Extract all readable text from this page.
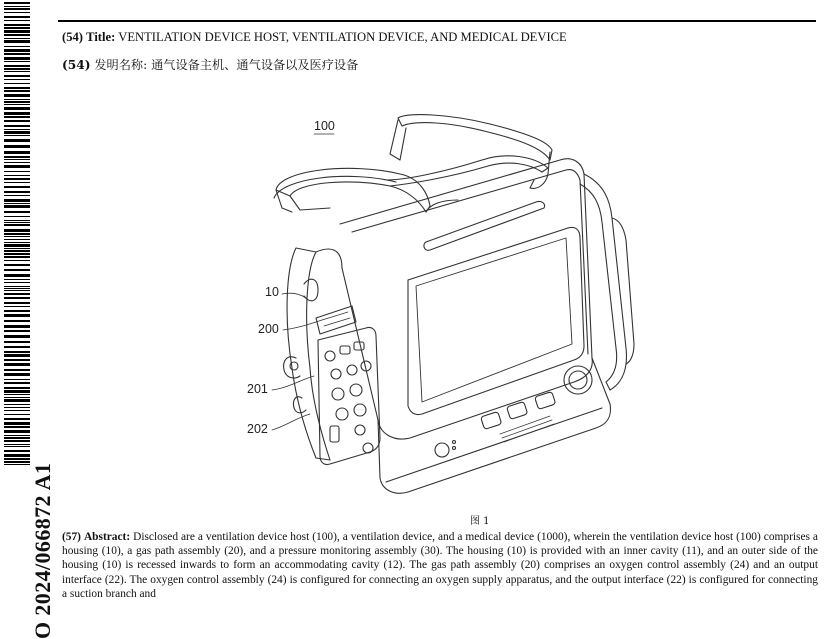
O 2024/066872 A1
(54) Title: VENTILATION DEVICE HOST, VENTILATION DEVICE, AND MEDICAL DEVICE
(54) 发明名称: 通气设备主机、通气设备以及医疗设备
100
10
200
201
202
图 1
(57) Abstract: Disclosed are a ventilation device host (100), a ventilation device, and a medical device (1000), wherein the ventilation device host (100) comprises a housing (10), a gas path assembly (20), and a pressure monitoring assembly (30). The housing (10) is provided with an inner cavity (11), and an outer side of the housing (10) is recessed inwards to form an accommodating cavity (12). The gas path assembly (20) comprises an oxygen control assembly (24) and an output interface (22). The oxygen control assembly (24) is configured for connecting an oxygen supply apparatus, and the output interface (22) is configured for connecting a suction branch and
